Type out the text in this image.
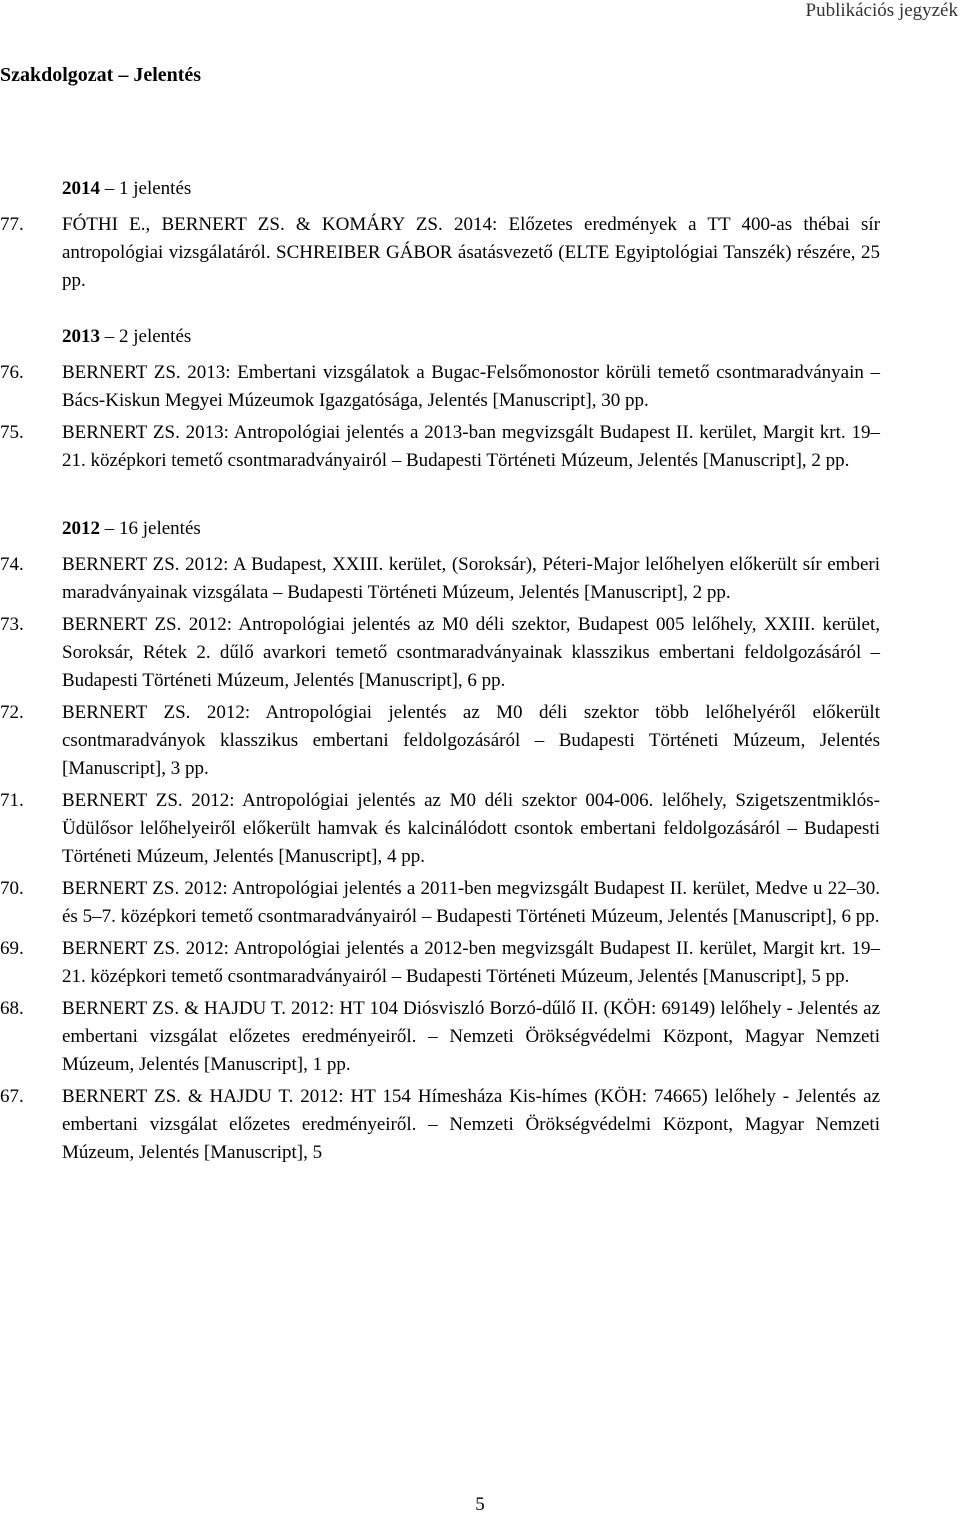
Publikációs jegyzék
Szakdolgozat – Jelentés
2014 – 1 jelentés
77.	FÓTHI E., BERNERT ZS. & KOMÁRY ZS. 2014: Előzetes eredmények a TT 400-as thébai sír antropológiai vizsgálatáról. SCHREIBER GÁBOR ásatásvezető (ELTE Egyiptológiai Tanszék) részére, 25 pp.
2013 – 2 jelentés
76.	BERNERT ZS. 2013: Embertani vizsgálatok a Bugac-Felsőmonostor körüli temető csontmaradványain – Bács-Kiskun Megyei Múzeumok Igazgatósága, Jelentés [Manuscript], 30 pp.
75.	BERNERT ZS. 2013: Antropológiai jelentés a 2013-ban megvizsgált Budapest II. kerület, Margit krt. 19–21. középkori temető csontmaradványairól – Budapesti Történeti Múzeum, Jelentés [Manuscript], 2 pp.
2012 – 16 jelentés
74.	BERNERT ZS. 2012: A Budapest, XXIII. kerület, (Soroksár), Péteri-Major lelőhelyen előkerült sír emberi maradványainak vizsgálata – Budapesti Történeti Múzeum, Jelentés [Manuscript], 2 pp.
73.	BERNERT ZS. 2012: Antropológiai jelentés az M0 déli szektor, Budapest 005 lelőhely, XXIII. kerület, Soroksár, Rétek 2. dűlő avarkori temető csontmaradványainak klasszikus embertani feldolgozásáról – Budapesti Történeti Múzeum, Jelentés [Manuscript], 6 pp.
72.	BERNERT ZS. 2012: Antropológiai jelentés az M0 déli szektor több lelőhelyéről előkerült csontmaradványok klasszikus embertani feldolgozásáról – Budapesti Történeti Múzeum, Jelentés [Manuscript], 3 pp.
71.	BERNERT ZS. 2012: Antropológiai jelentés az M0 déli szektor 004-006. lelőhely, Szigetszentmiklós-Üdülősor lelőhelyeiről előkerült hamvak és kalcinálódott csontok embertani feldolgozásáról – Budapesti Történeti Múzeum, Jelentés [Manuscript], 4 pp.
70.	BERNERT ZS. 2012: Antropológiai jelentés a 2011-ben megvizsgált Budapest II. kerület, Medve u 22–30. és 5–7. középkori temető csontmaradványairól – Budapesti Történeti Múzeum, Jelentés [Manuscript], 6 pp.
69.	BERNERT ZS. 2012: Antropológiai jelentés a 2012-ben megvizsgált Budapest II. kerület, Margit krt. 19–21. középkori temető csontmaradványairól – Budapesti Történeti Múzeum, Jelentés [Manuscript], 5 pp.
68.	BERNERT ZS. & HAJDU T. 2012: HT 104 Diósviszló Borzó-dűlő II. (KÖH: 69149) lelőhely - Jelentés az embertani vizsgálat előzetes eredményeiről. – Nemzeti Örökségvédelmi Központ, Magyar Nemzeti Múzeum, Jelentés [Manuscript], 1 pp.
67.	BERNERT ZS. & HAJDU T. 2012: HT 154 Hímesháza Kis-hímes (KÖH: 74665) lelőhely - Jelentés az embertani vizsgálat előzetes eredményeiről. – Nemzeti Örökségvédelmi Központ, Magyar Nemzeti Múzeum, Jelentés [Manuscript], 5
5
